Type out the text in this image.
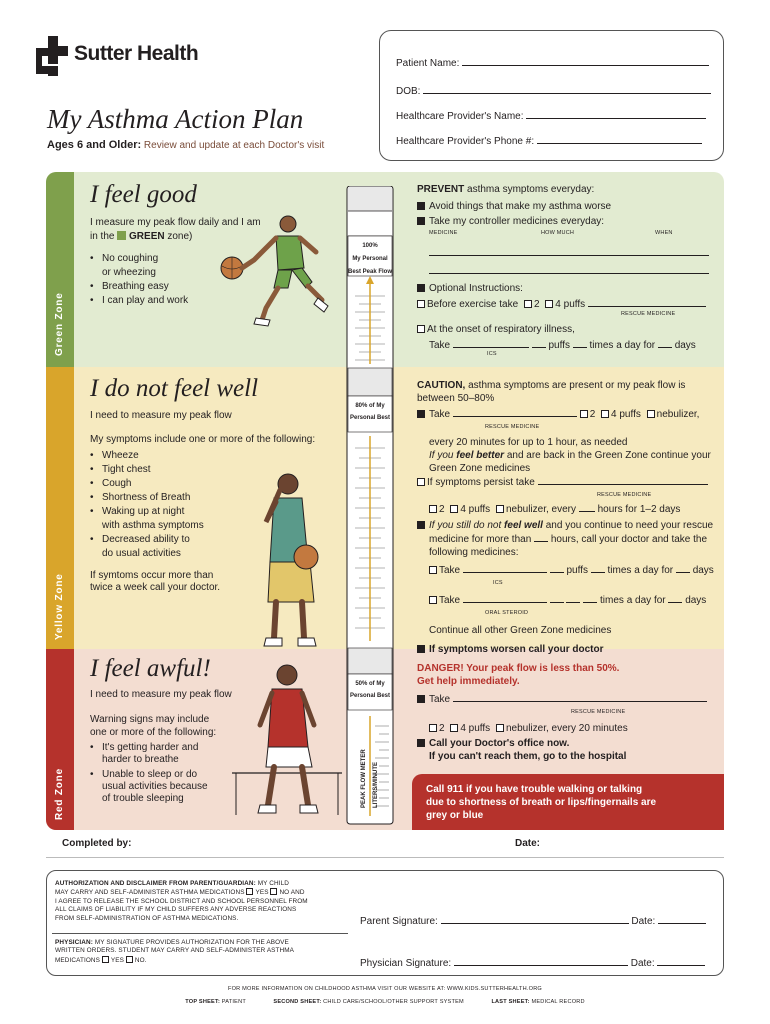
Sutter Health
®
My Asthma Action Plan
Ages 6 and Older: Review and update at each Doctor's visit
Patient Name:
DOB:
Healthcare Provider's Name:
Healthcare Provider's Phone #:
Green Zone
Yellow Zone
Red Zone
100%
My Personal
Best Peak Flow
80% of My
Personal Best
50% of My
Personal Best
PEAK FLOW METER LITERS/MINUTE
I feel good
I measure my peak flow daily and I am
in the GREEN zone)
• No coughing
or wheezing
• Breathing easy
• I can play and work
PREVENT asthma symptoms everyday:
Avoid things that make my asthma worse
Take my controller medicines everyday:
MEDICINE	HOW MUCH	WHEN
Optional Instructions:
Before exercise take 2 4 puffs
RESCUE MEDICINE
At the onset of respiratory illness,
Take	puffs times a day for days
ICS
I do not feel well
I need to measure my peak flow
My symptoms include one or more of the following:
• Wheeze
• Tight chest
• Cough
• Shortness of Breath
• Waking up at night
with asthma symptoms
• Decreased ability to
do usual activities
If symtoms occur more than
twice a week call your doctor.
CAUTION, asthma symptoms are present or my peak flow is
between 50–80%
Take	2 4 puffs nebulizer,
RESCUE MEDICINE
every 20 minutes for up to 1 hour, as needed
If you feel better and are back in the Green Zone continue your
Green Zone medicines
If symptoms persist take
RESCUE MEDICINE
2 4 puffs nebulizer, every hours for 1–2 days
If you still do not feel well and you continue to need your rescue
medicine for more than hours, call your doctor and take the
following medicines:
Take	puffs times a day for days
ICS
Take	times a day for days
ORAL STEROID
Continue all other Green Zone medicines
If symptoms worsen call your doctor
I feel awful!
I need to measure my peak flow
Warning signs may include
one or more of the following:
• It's getting harder and
harder to breathe
• Unable to sleep or do
usual activities because
of trouble sleeping
DANGER! Your peak flow is less than 50%.
Get help immediately.
Take
RESCUE MEDICINE
2 4 puffs nebulizer, every 20 minutes
Call your Doctor's office now.
If you can't reach them, go to the hospital
Call 911 if you have trouble walking or talking
due to shortness of breath or lips/fingernails are
grey or blue
Completed by:	Date:
AUTHORIZATION AND DISCLAIMER FROM PARENT/GUARDIAN: MY CHILD
MAY CARRY AND SELF-ADMINISTER ASTHMA MEDICATIONS YES NO AND
I AGREE TO RELEASE THE SCHOOL DISTRICT AND SCHOOL PERSONNEL FROM
ALL CLAIMS OF LIABILITY IF MY CHILD SUFFERS ANY ADVERSE REACTIONS
FROM SELF-ADMINISTRATION OF ASTHMA MEDICATIONS.	Parent Signature:	Date:
PHYSICIAN: MY SIGNATURE PROVIDES AUTHORIZATION FOR THE ABOVE
WRITTEN ORDERS. STUDENT MAY CARRY AND SELF-ADMINISTER ASTHMA
MEDICATIONS YES NO.	Physician Signature:	Date:
FOR MORE INFORMATION ON CHILDHOOD ASTHMA VISIT OUR WEBSITE AT: WWW.KIDS.SUTTERHEALTH.ORG
TOP SHEET: PATIENT	SECOND SHEET: CHILD CARE/SCHOOL/OTHER SUPPORT SYSTEM	LAST SHEET: MEDICAL RECORD
